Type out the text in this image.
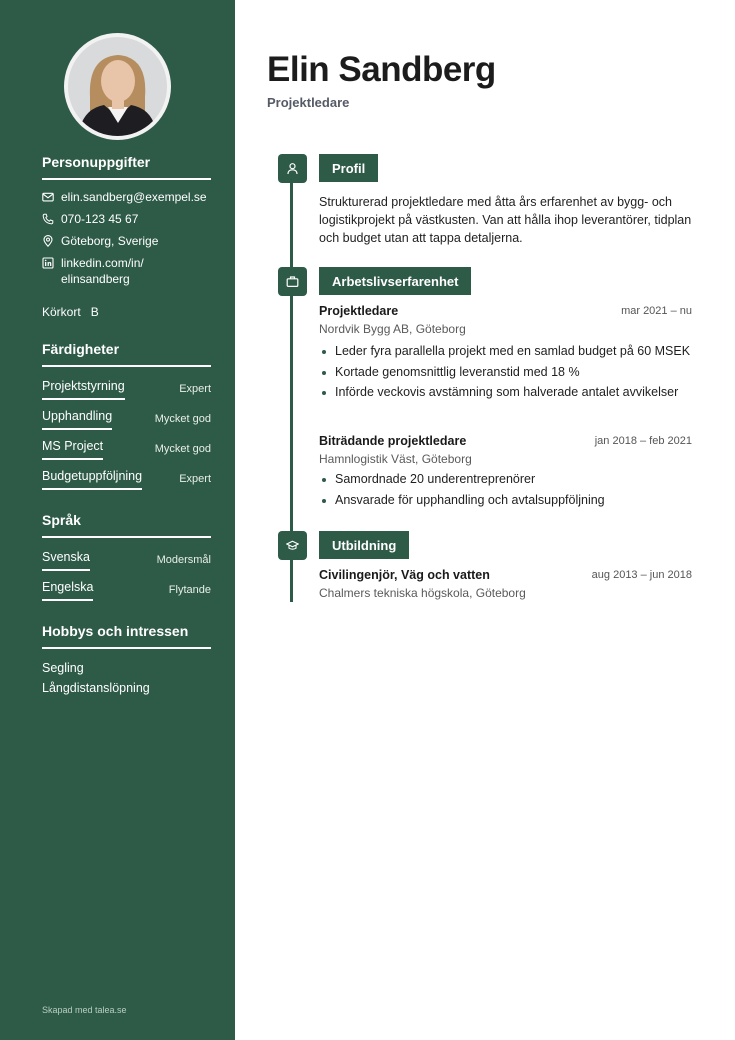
Personuppgifter
elin.sandberg@exempel.se
070-123 45 67
Göteborg, Sverige
linkedin.com/in/
elinsandberg
Körkort B
Färdigheter
Projektstyrning	Expert
Upphandling	Mycket god
MS Project	Mycket god
Budgetuppföljning	Expert
Språk
Svenska	Modersmål
Engelska	Flytande
Hobbys och intressen
Segling
Långdistanslöpning
Skapad med talea.se
Elin Sandberg
Projektledare
Profil

Strukturerad projektledare med åtta års erfarenhet av bygg- och logistikprojekt på västkusten. Van att hålla ihop leverantörer, tidplan och budget utan att tappa detaljerna.

Arbetslivserfarenhet
Projektledare	mar 2021 – nu
Nordvik Bygg AB, Göteborg
Leder fyra parallella projekt med en samlad budget på 60 MSEK
Kortade genomsnittlig leveranstid med 18 %
Införde veckovis avstämning som halverade antalet avvikelser
Biträdande projektledare	jan 2018 – feb 2021
Hamnlogistik Väst, Göteborg
Samordnade 20 underentreprenörer
Ansvarade för upphandling och avtalsuppföljning
Utbildning
Civilingenjör, Väg och vatten	aug 2013 – jun 2018
Chalmers tekniska högskola, Göteborg
